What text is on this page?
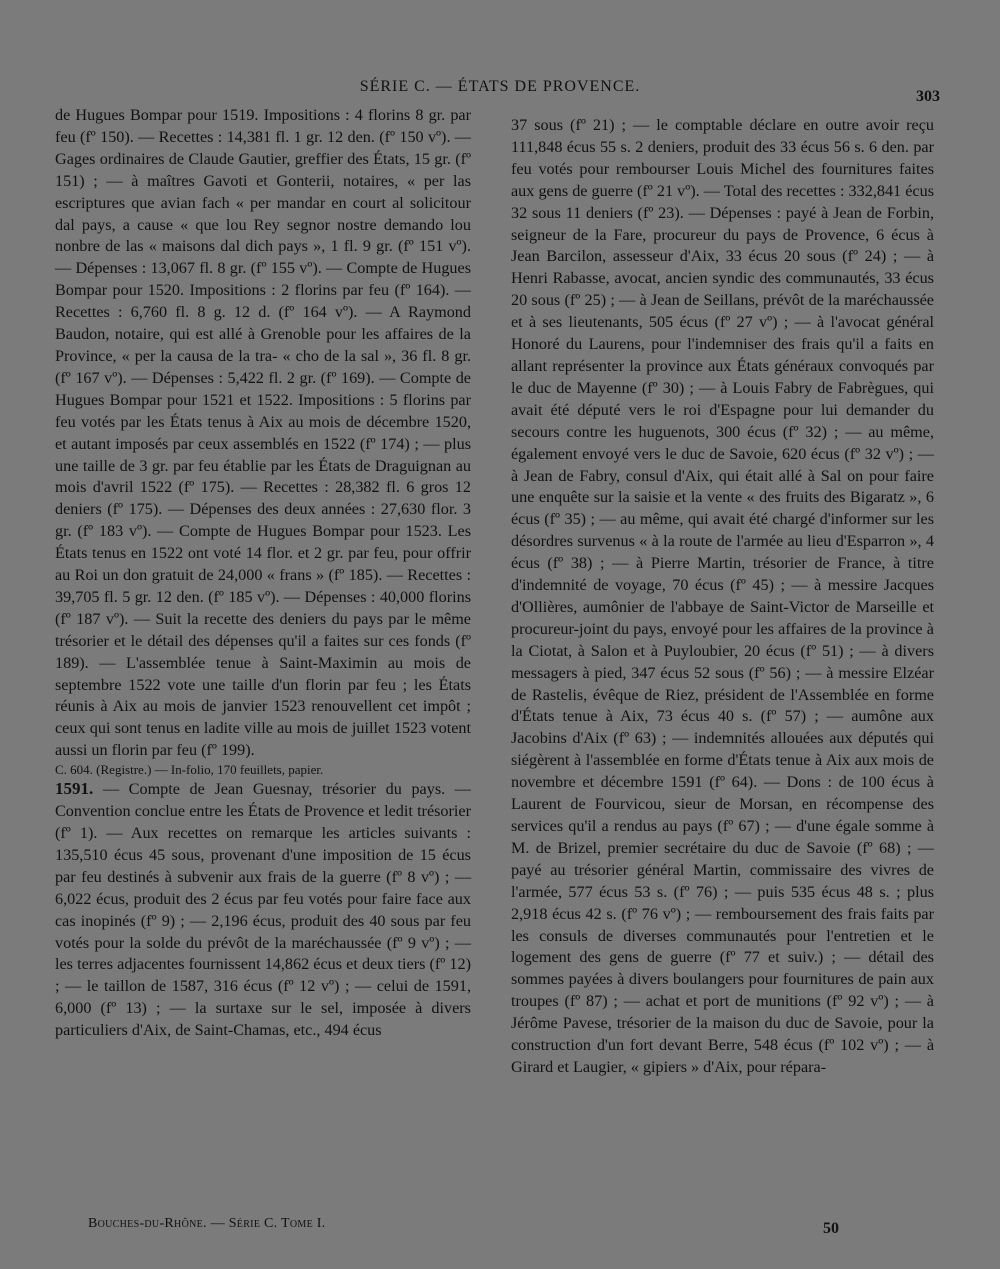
SÉRIE C. — ÉTATS DE PROVENCE.
303

de Hugues Bompar pour 1519. Impositions : 4 florins 8 gr. par feu (fº 150). — Recettes : 14,381 fl. 1 gr. 12 den. (fº 150 vº). — Gages ordinaires de Claude Gautier, greffier des États, 15 gr. (fº 151) ; — à maîtres Gavoti et Gonterii, notaires, « per las escriptures que avian fach « per mandar en court al solicitour dal pays, a cause « que lou Rey segnor nostre demando lou nonbre de las « maisons dal dich pays », 1 fl. 9 gr. (fº 151 vº). — Dépenses : 13,067 fl. 8 gr. (fº 155 vº). — Compte de Hugues Bompar pour 1520. Impositions : 2 florins par feu (fº 164). — Recettes : 6,760 fl. 8 g. 12 d. (fº 164 vº). — A Raymond Baudon, notaire, qui est allé à Grenoble pour les affaires de la Province, « per la causa de la tra- « cho de la sal », 36 fl. 8 gr. (fº 167 vº). — Dépenses : 5,422 fl. 2 gr. (fº 169). — Compte de Hugues Bompar pour 1521 et 1522. Impositions : 5 florins par feu votés par les États tenus à Aix au mois de décembre 1520, et autant imposés par ceux assemblés en 1522 (fº 174) ; — plus une taille de 3 gr. par feu établie par les États de Draguignan au mois d'avril 1522 (fº 175). — Recettes : 28,382 fl. 6 gros 12 deniers (fº 175). — Dépenses des deux années : 27,630 flor. 3 gr. (fº 183 vº). — Compte de Hugues Bompar pour 1523. Les États tenus en 1522 ont voté 14 flor. et 2 gr. par feu, pour offrir au Roi un don gratuit de 24,000 « frans » (fº 185). — Recettes : 39,705 fl. 5 gr. 12 den. (fº 185 vº). — Dépenses : 40,000 florins (fº 187 vº). — Suit la recette des deniers du pays par le même trésorier et le détail des dépenses qu'il a faites sur ces fonds (fº 189). — L'assemblée tenue à Saint-Maximin au mois de septembre 1522 vote une taille d'un florin par feu ; les États réunis à Aix au mois de janvier 1523 renouvellent cet impôt ; ceux qui sont tenus en ladite ville au mois de juillet 1523 votent aussi un florin par feu (fº 199).

C. 604. (Registre.) — In-folio, 170 feuillets, papier.

1591. — Compte de Jean Guesnay, trésorier du pays. — Convention conclue entre les États de Provence et ledit trésorier (fº 1). — Aux recettes on remarque les articles suivants : 135,510 écus 45 sous, provenant d'une imposition de 15 écus par feu destinés à subvenir aux frais de la guerre (fº 8 vº) ; — 6,022 écus, produit des 2 écus par feu votés pour faire face aux cas inopinés (fº 9) ; — 2,196 écus, produit des 40 sous par feu votés pour la solde du prévôt de la maréchaussée (fº 9 vº) ; — les terres adjacentes fournissent 14,862 écus et deux tiers (fº 12) ; — le taillon de 1587, 316 écus (fº 12 vº) ; — celui de 1591, 6,000 (fº 13) ; — la surtaxe sur le sel, imposée à divers particuliers d'Aix, de Saint-Chamas, etc., 494 écus

37 sous (fº 21) ; — le comptable déclare en outre avoir reçu 111,848 écus 55 s. 2 deniers, produit des 33 écus 56 s. 6 den. par feu votés pour rembourser Louis Michel des fournitures faites aux gens de guerre (fº 21 vº). — Total des recettes : 332,841 écus 32 sous 11 deniers (fº 23). — Dépenses : payé à Jean de Forbin, seigneur de la Fare, procureur du pays de Provence, 6 écus à Jean Barcilon, assesseur d'Aix, 33 écus 20 sous (fº 24) ; — à Henri Rabasse, avocat, ancien syndic des communautés, 33 écus 20 sous (fº 25) ; — à Jean de Seillans, prévôt de la maréchaussée et à ses lieutenants, 505 écus (fº 27 vº) ; — à l'avocat général Honoré du Laurens, pour l'indemniser des frais qu'il a faits en allant représenter la province aux États généraux convoqués par le duc de Mayenne (fº 30) ; — à Louis Fabry de Fabrègues, qui avait été député vers le roi d'Espagne pour lui demander du secours contre les huguenots, 300 écus (fº 32) ; — au même, également envoyé vers le duc de Savoie, 620 écus (fº 32 vº) ; — à Jean de Fabry, consul d'Aix, qui était allé à Sal on pour faire une enquête sur la saisie et la vente « des fruits des Bigaratz », 6 écus (fº 35) ; — au même, qui avait été chargé d'informer sur les désordres survenus « à la route de l'armée au lieu d'Esparron », 4 écus (fº 38) ; — à Pierre Martin, trésorier de France, à titre d'indemnité de voyage, 70 écus (fº 45) ; — à messire Jacques d'Ollières, aumônier de l'abbaye de Saint-Victor de Marseille et procureur-joint du pays, envoyé pour les affaires de la province à la Ciotat, à Salon et à Puyloubier, 20 écus (fº 51) ; — à divers messagers à pied, 347 écus 52 sous (fº 56) ; — à messire Elzéar de Rastelis, évêque de Riez, président de l'Assemblée en forme d'États tenue à Aix, 73 écus 40 s. (fº 57) ; — aumône aux Jacobins d'Aix (fº 63) ; — indemnités allouées aux députés qui siégèrent à l'assemblée en forme d'États tenue à Aix aux mois de novembre et décembre 1591 (fº 64). — Dons : de 100 écus à Laurent de Fourvicou, sieur de Morsan, en récompense des services qu'il a rendus au pays (fº 67) ; — d'une égale somme à M. de Brizel, premier secrétaire du duc de Savoie (fº 68) ; — payé au trésorier général Martin, commissaire des vivres de l'armée, 577 écus 53 s. (fº 76) ; — puis 535 écus 48 s. ; plus 2,918 écus 42 s. (fº 76 vº) ; — remboursement des frais faits par les consuls de diverses communautés pour l'entretien et le logement des gens de guerre (fº 77 et suiv.) ; — détail des sommes payées à divers boulangers pour fournitures de pain aux troupes (fº 87) ; — achat et port de munitions (fº 92 vº) ; — à Jérôme Pavese, trésorier de la maison du duc de Savoie, pour la construction d'un fort devant Berre, 548 écus (fº 102 vº) ; — à Girard et Laugier, « gipiers » d'Aix, pour répara-

Bouches-du-Rhône. — Série C. Tome I.	50
